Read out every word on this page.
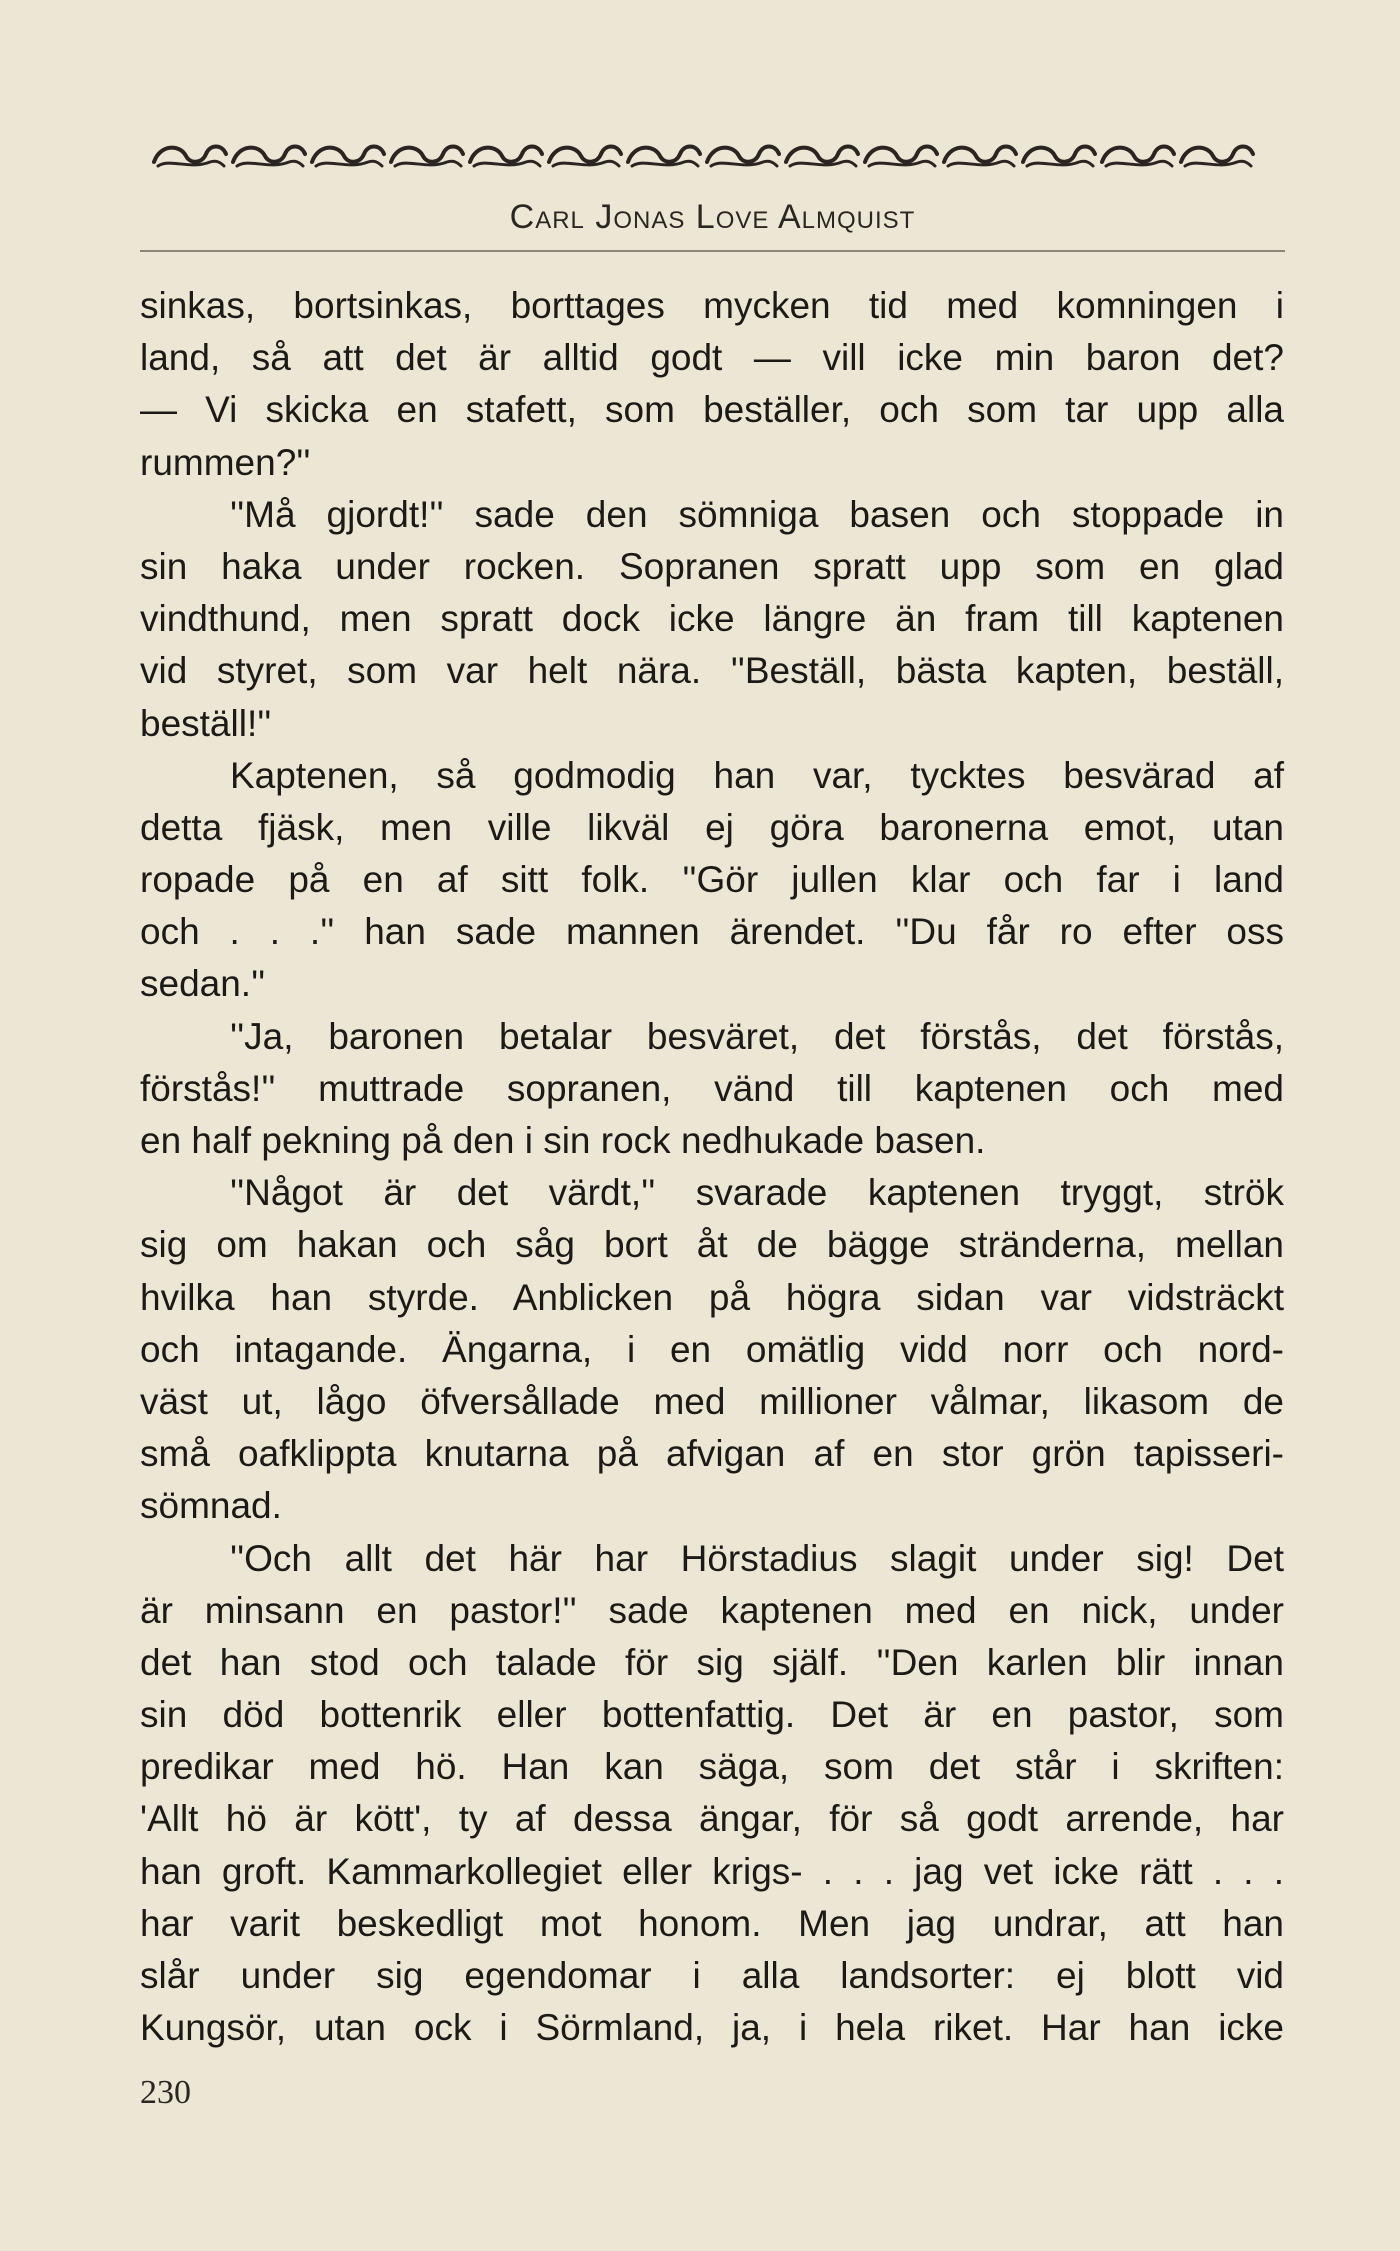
Carl Jonas Love Almquist
sinkas, bortsinkas, borttages mycken tid med komningen i
land, så att det är alltid godt — vill icke min baron det?
— Vi skicka en stafett, som beställer, och som tar upp alla
rummen?''
''Må gjordt!'' sade den sömniga basen och stoppade in
sin haka under rocken. Sopranen spratt upp som en glad
vindthund, men spratt dock icke längre än fram till kaptenen
vid styret, som var helt nära. ''Beställ, bästa kapten, beställ,
beställ!''
Kaptenen, så godmodig han var, tycktes besvärad af
detta fjäsk, men ville likväl ej göra baronerna emot, utan
ropade på en af sitt folk. ''Gör jullen klar och far i land
och . . .'' han sade mannen ärendet. ''Du får ro efter oss
sedan.''
''Ja, baronen betalar besväret, det förstås, det förstås,
förstås!'' muttrade sopranen, vänd till kaptenen och med
en half pekning på den i sin rock nedhukade basen.
''Något är det värdt,'' svarade kaptenen tryggt, strök
sig om hakan och såg bort åt de bägge stränderna, mellan
hvilka han styrde. Anblicken på högra sidan var vidsträckt
och intagande. Ängarna, i en omätlig vidd norr och nord-
väst ut, lågo öfversållade med millioner vålmar, likasom de
små oafklippta knutarna på afvigan af en stor grön tapisseri-
sömnad.
''Och allt det här har Hörstadius slagit under sig! Det
är minsann en pastor!'' sade kaptenen med en nick, under
det han stod och talade för sig själf. ''Den karlen blir innan
sin död bottenrik eller bottenfattig. Det är en pastor, som
predikar med hö. Han kan säga, som det står i skriften:
'Allt hö är kött', ty af dessa ängar, för så godt arrende, har
han groft. Kammarkollegiet eller krigs- . . . jag vet icke rätt . . .
har varit beskedligt mot honom. Men jag undrar, att han
slår under sig egendomar i alla landsorter: ej blott vid
Kungsör, utan ock i Sörmland, ja, i hela riket. Har han icke
230
